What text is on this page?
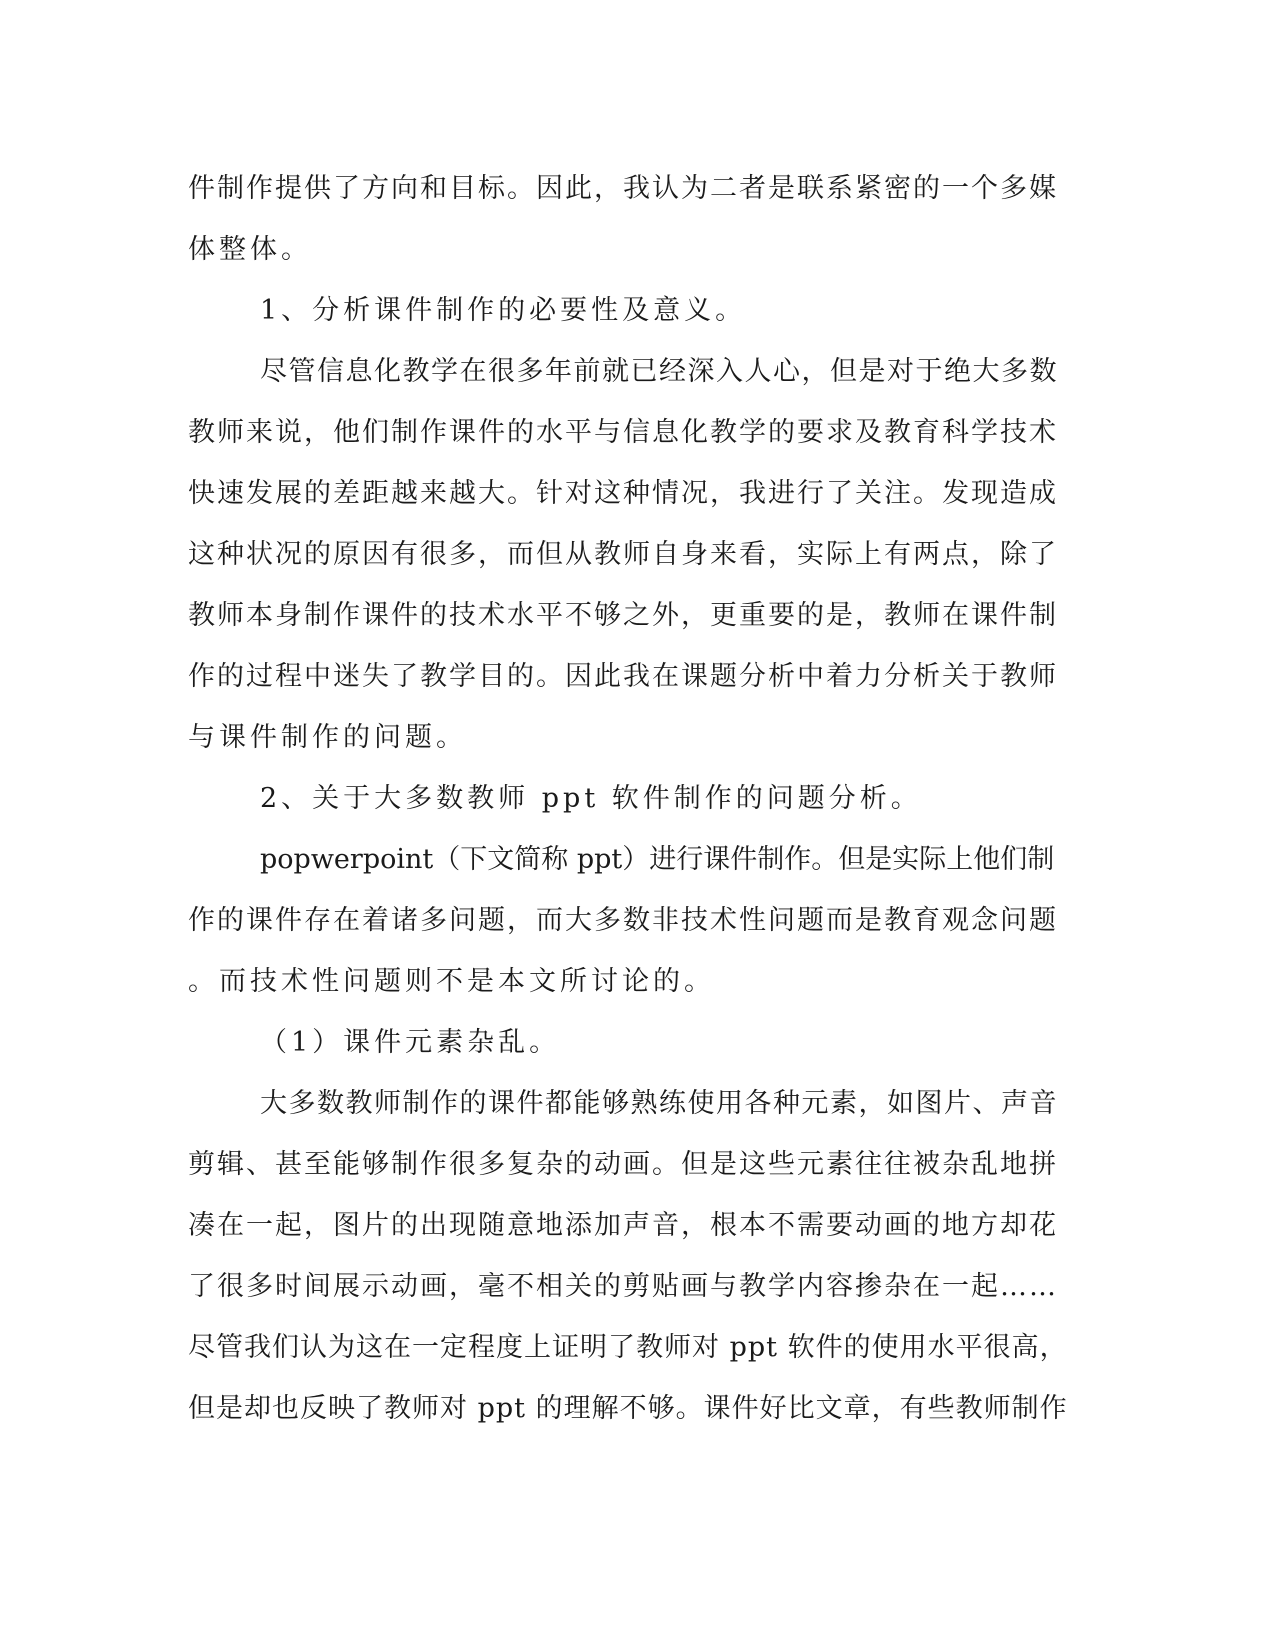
件制作提供了方向和目标。因此，我认为二者是联系紧密的一个多媒
体整体。
1、分析课件制作的必要性及意义。
尽管信息化教学在很多年前就已经深入人心，但是对于绝大多数
教师来说，他们制作课件的水平与信息化教学的要求及教育科学技术
快速发展的差距越来越大。针对这种情况，我进行了关注。发现造成
这种状况的原因有很多，而但从教师自身来看，实际上有两点，除了
教师本身制作课件的技术水平不够之外，更重要的是，教师在课件制
作的过程中迷失了教学目的。因此我在课题分析中着力分析关于教师
与课件制作的问题。
2、关于大多数教师 ppt 软件制作的问题分析。
popwerpoint（下文简称 ppt）进行课件制作。但是实际上他们制
作的课件存在着诸多问题，而大多数非技术性问题而是教育观念问题
。而技术性问题则不是本文所讨论的。
（1）课件元素杂乱。
大多数教师制作的课件都能够熟练使用各种元素，如图片、声音
剪辑、甚至能够制作很多复杂的动画。但是这些元素往往被杂乱地拼
凑在一起，图片的出现随意地添加声音，根本不需要动画的地方却花
了很多时间展示动画，毫不相关的剪贴画与教学内容掺杂在一起……
尽管我们认为这在一定程度上证明了教师对 ppt 软件的使用水平很高，
但是却也反映了教师对 ppt 的理解不够。课件好比文章，有些教师制作
